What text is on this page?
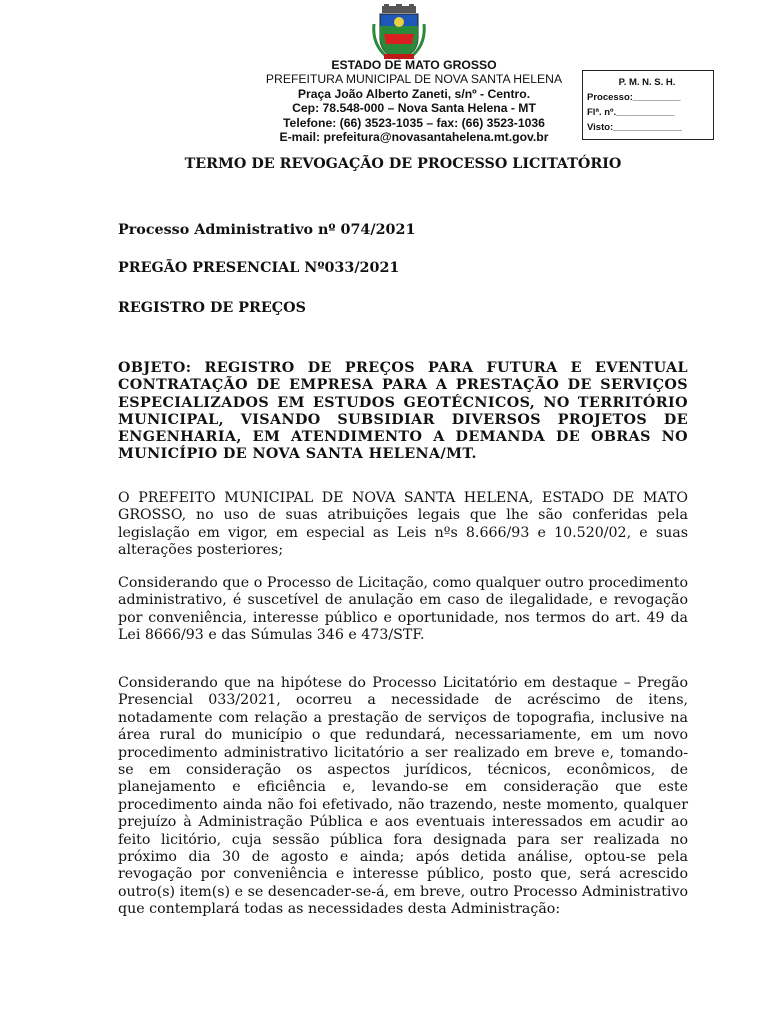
ESTADO DE MATO GROSSO
PREFEITURA MUNICIPAL DE NOVA SANTA HELENA
Praça João Alberto Zaneti, s/nº - Centro.
Cep: 78.548-000 – Nova Santa Helena - MT
Telefone: (66) 3523-1035 – fax: (66) 3523-1036
E-mail: prefeitura@novasantahelena.mt.gov.br
P. M. N. S. H.
Processo:_________
Flª. nº.___________
Visto:_____________
TERMO DE REVOGAÇÃO DE PROCESSO LICITATÓRIO
Processo Administrativo nº 074/2021
PREGÃO PRESENCIAL Nº033/2021
REGISTRO DE PREÇOS
OBJETO: REGISTRO DE PREÇOS PARA FUTURA E EVENTUAL CONTRATAÇÃO DE EMPRESA PARA A PRESTAÇÃO DE SERVIÇOS ESPECIALIZADOS EM ESTUDOS GEOTÉCNICOS, NO TERRITÓRIO MUNICIPAL, VISANDO SUBSIDIAR DIVERSOS PROJETOS DE ENGENHARIA, EM ATENDIMENTO A DEMANDA DE OBRAS NO MUNICÍPIO DE NOVA SANTA HELENA/MT.
O PREFEITO MUNICIPAL DE NOVA SANTA HELENA, ESTADO DE MATO GROSSO, no uso de suas atribuições legais que lhe são conferidas pela legislação em vigor, em especial as Leis nºs 8.666/93 e 10.520/02, e suas alterações posteriores;
Considerando que o Processo de Licitação, como qualquer outro procedimento administrativo, é suscetível de anulação em caso de ilegalidade, e revogação por conveniência, interesse público e oportunidade, nos termos do art. 49 da Lei 8666/93 e das Súmulas 346 e 473/STF.
Considerando que na hipótese do Processo Licitatório em destaque – Pregão Presencial 033/2021, ocorreu a necessidade de acréscimo de itens, notadamente com relação a prestação de serviços de topografia, inclusive na área rural do município o que redundará, necessariamente, em um novo procedimento administrativo licitatório a ser realizado em breve e, tomando-se em consideração os aspectos jurídicos, técnicos, econômicos, de planejamento e eficiência e, levando-se em consideração que este procedimento ainda não foi efetivado, não trazendo, neste momento, qualquer prejuízo à Administração Pública e aos eventuais interessados em acudir ao feito licitório, cuja sessão pública fora designada para ser realizada no próximo dia 30 de agosto e ainda; após detida análise, optou-se pela revogação por conveniência e interesse público, posto que, será acrescido outro(s) item(s) e se desencader-se-á, em breve, outro Processo Administrativo que contemplará todas as necessidades desta Administração:
